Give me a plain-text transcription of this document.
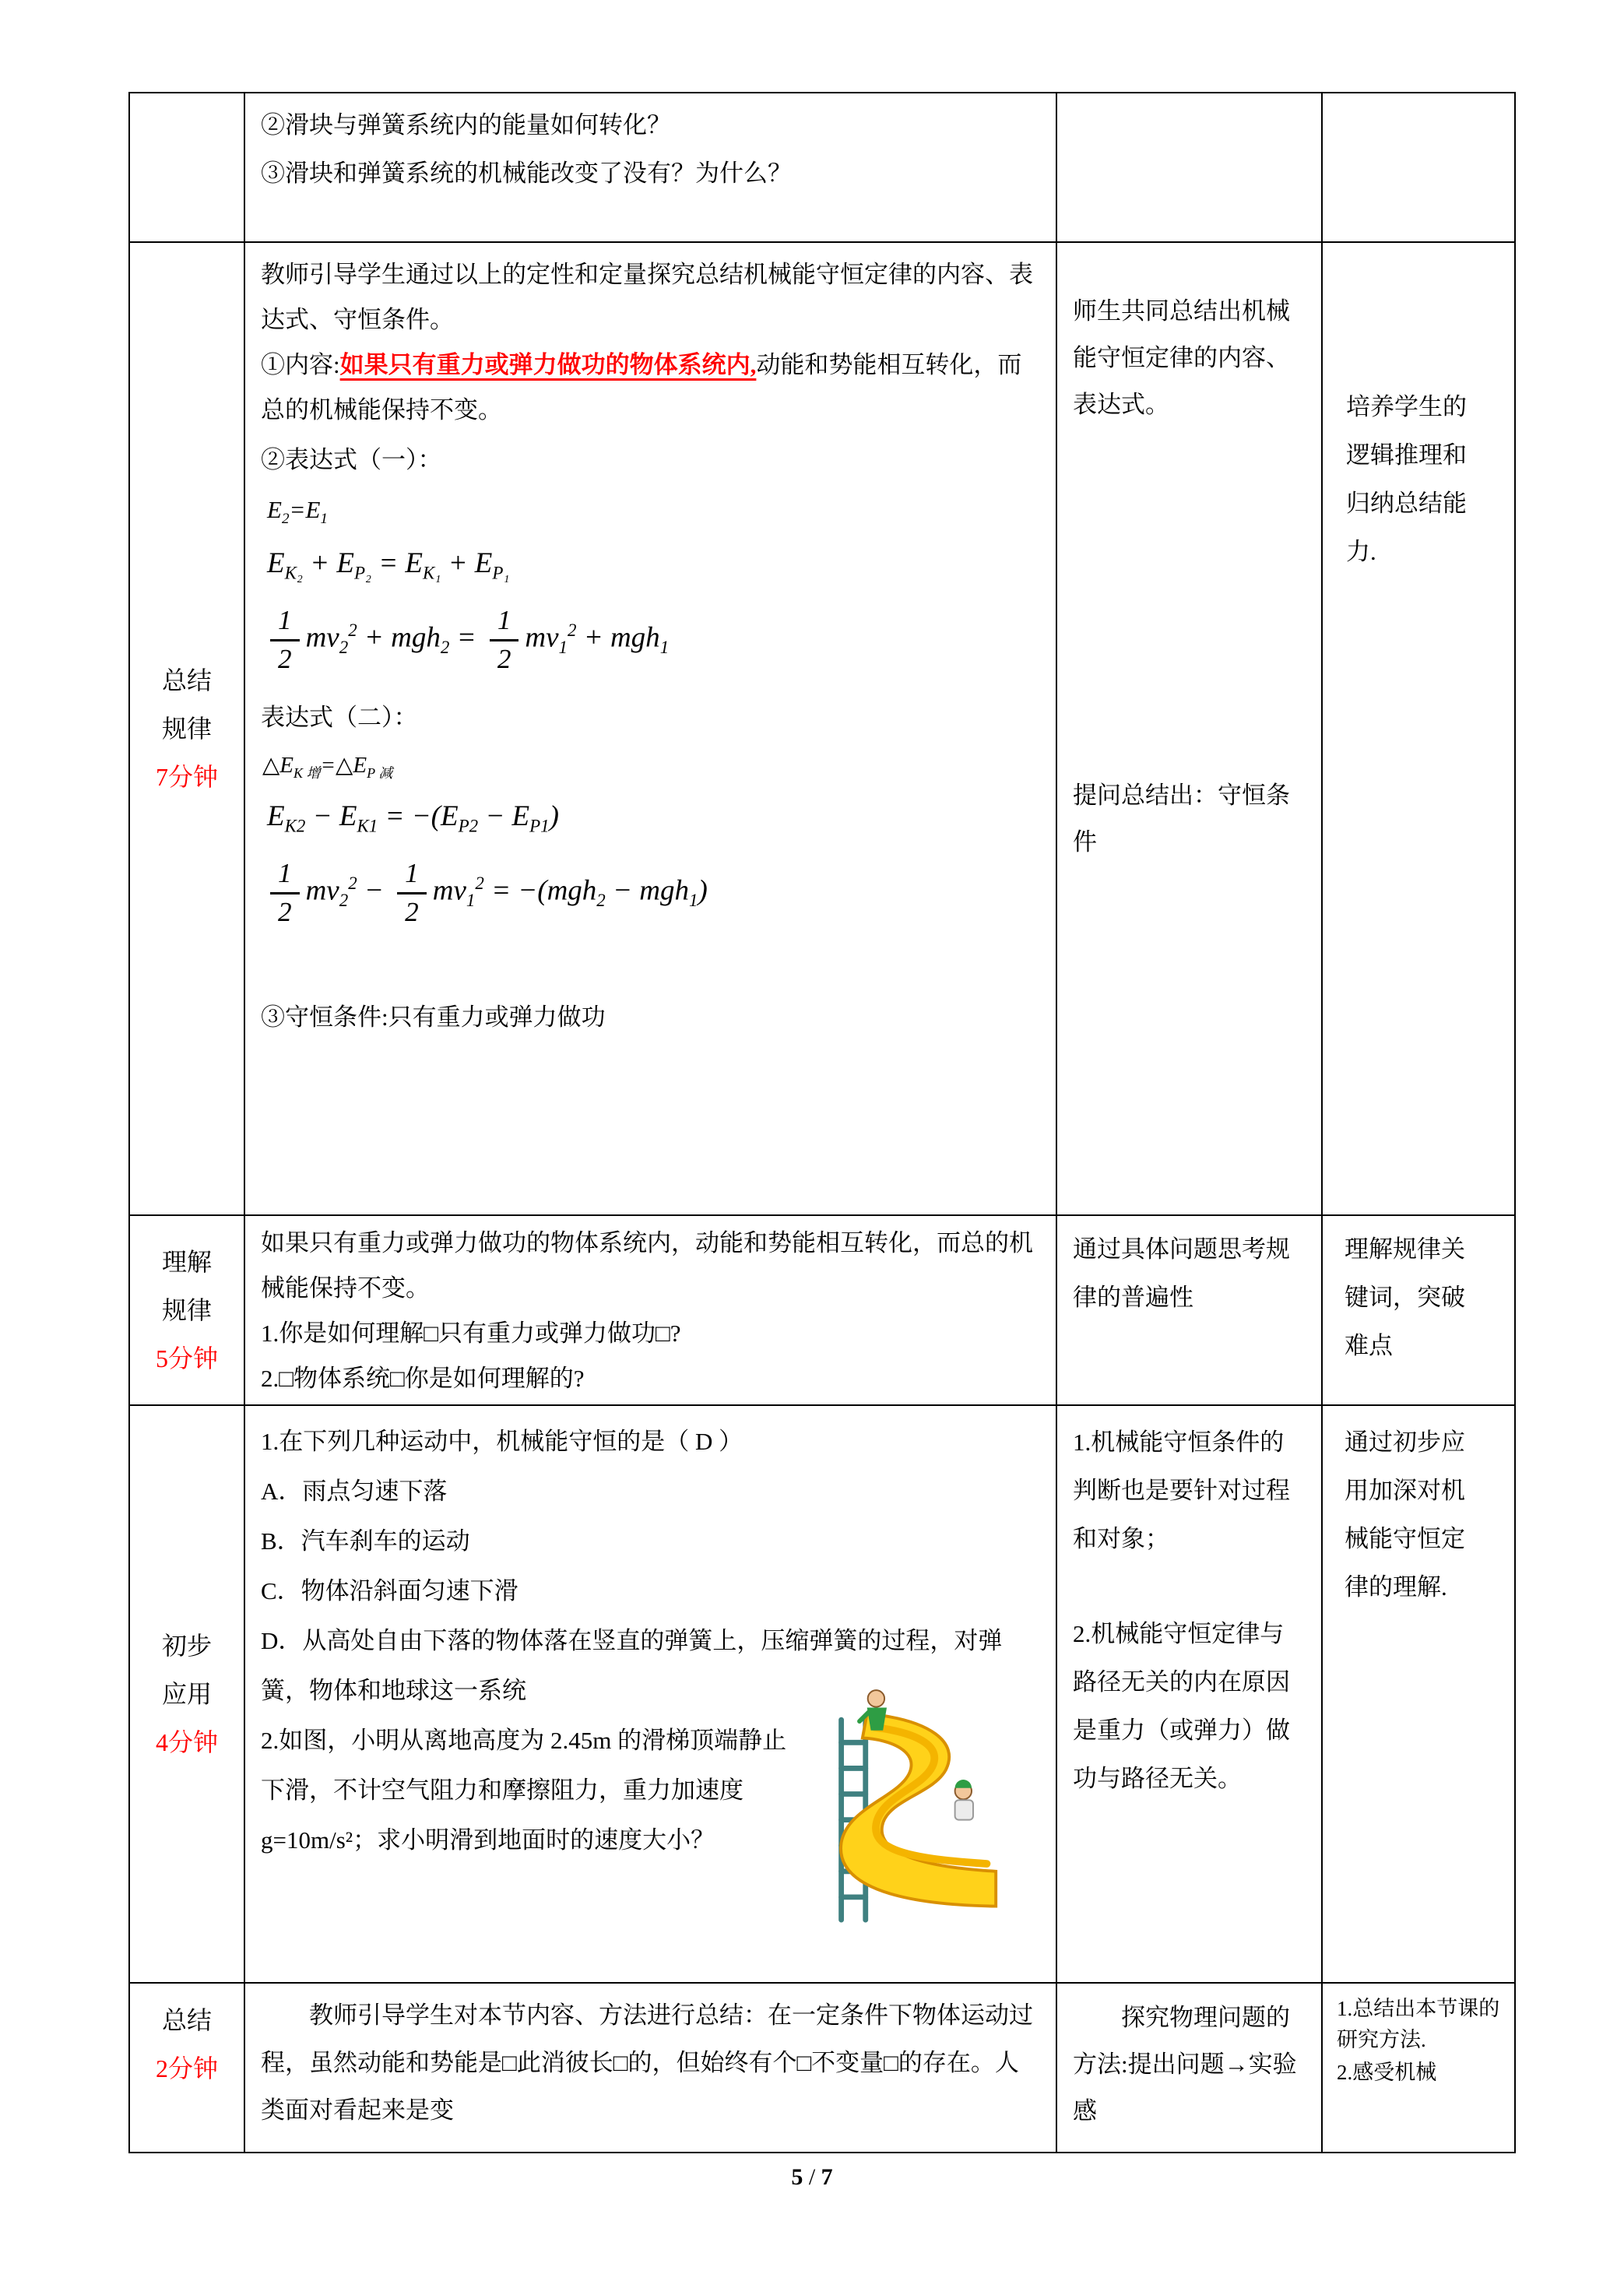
②滑块与弹簧系统内的能量如何转化？

③滑块和弹簧系统的机械能改变了没有？为什么？

总结
规律
7分钟

教师引导学生通过以上的定性和定量探究总结机械能守恒定律的内容、表达式、守恒条件。

①内容:如果只有重力或弹力做功的物体系统内,动能和势能相互转化，而总的机械能保持不变。

②表达式（一）：

$E_2=E_1$
$E_{K_2} + E_{P_2} = E_{K_1} + E_{P_1}$
$\frac{1}{2} mv_2^2 + mgh_2 = \frac{1}{2} mv_1^2 + mgh_1$

表达式（二）：

$\triangle E_{K 增}=\triangle E_{P 减}$
$E_{K2} - E_{K1} = -(E_{P2} - E_{P1})$
$\frac{1}{2} mv_2^2 - \frac{1}{2} mv_1^2 = -(mgh_2 - mgh_1)$

③守恒条件:只有重力或弹力做功

师生共同总结出机械能守恒定律的内容、表达式。

提问总结出：守恒条件

培养学生的逻辑推理和归纳总结能力.

理解
规律
5分钟

如果只有重力或弹力做功的物体系统内，动能和势能相互转化，而总的机械能保持不变。

1.你是如何理解□只有重力或弹力做功□?

2.□物体系统□你是如何理解的?

通过具体问题思考规律的普遍性

理解规律关键词，突破难点

初步
应用
4分钟

1.在下列几种运动中，机械能守恒的是（ D ）

A．雨点匀速下落

B．汽车刹车的运动

C．物体沿斜面匀速下滑

D．从高处自由下落的物体落在竖直的弹簧上，压缩弹簧的过程，对弹簧，物体和地球这一系统

2.如图，小明从离地高度为 2.45m 的滑梯顶端静止下滑，不计空气阻力和摩擦阻力，重力加速度 g=10m/s²；求小明滑到地面时的速度大小？

1.机械能守恒条件的判断也是要针对过程和对象；

2.机械能守恒定律与路径无关的内在原因是重力（或弹力）做功与路径无关。

通过初步应用加深对机械能守恒定律的理解.

总结
2分钟

教师引导学生对本节内容、方法进行总结：在一定条件下物体运动过程，虽然动能和势能是□此消彼长□的，但始终有个□不变量□的存在。人类面对看起来是变

探究物理问题的方法:提出问题→实验感

1.总结出本节课的研究方法.

2.感受机械

5 / 7
